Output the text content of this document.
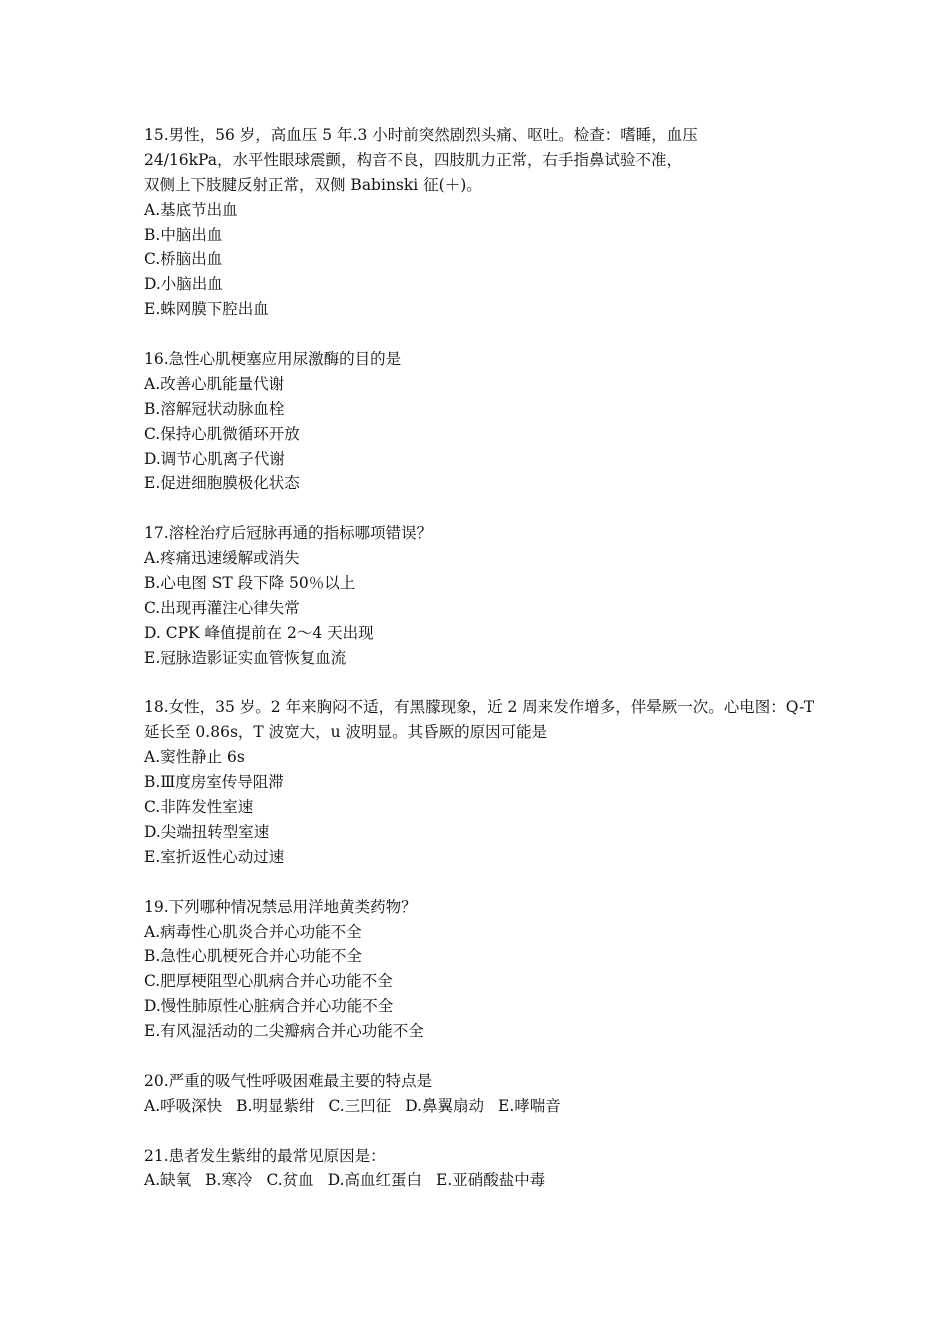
15.男性，56 岁，高血压 5 年.3 小时前突然剧烈头痛、呕吐。检查：嗜睡，血压
24/16kPa，水平性眼球震颤，构音不良，四肢肌力正常，右手指鼻试验不准，
双侧上下肢腱反射正常，双侧 Babinski 征(＋)。
A.基底节出血
B.中脑出血
C.桥脑出血
D.小脑出血
E.蛛网膜下腔出血
16.急性心肌梗塞应用尿激酶的目的是
A.改善心肌能量代谢
B.溶解冠状动脉血栓
C.保持心肌微循环开放
D.调节心肌离子代谢
E.促进细胞膜极化状态
17.溶栓治疗后冠脉再通的指标哪项错误？
A.疼痛迅速缓解或消失
B.心电图 ST 段下降 50％以上
C.出现再灌注心律失常
D. CPK 峰值提前在 2～4 天出现
E.冠脉造影证实血管恢复血流
18.女性，35 岁。2 年来胸闷不适，有黑朦现象，近 2 周来发作增多，伴晕厥一次。心电图：Q-T
延长至 0.86s，T 波宽大，u 波明显。其昏厥的原因可能是
A.窦性静止 6s
B.Ⅲ度房室传导阻滞
C.非阵发性室速
D.尖端扭转型室速
E.室折返性心动过速
19.下列哪种情况禁忌用洋地黄类药物？
A.病毒性心肌炎合并心功能不全
B.急性心肌梗死合并心功能不全
C.肥厚梗阻型心肌病合并心功能不全
D.慢性肺原性心脏病合并心功能不全
E.有风湿活动的二尖瓣病合并心功能不全
20.严重的吸气性呼吸困难最主要的特点是
A.呼吸深快 B.明显紫绀 C.三凹征 D.鼻翼扇动 E.哮喘音
21.患者发生紫绀的最常见原因是：
A.缺氧 B.寒冷 C.贫血 D.高血红蛋白 E.亚硝酸盐中毒
